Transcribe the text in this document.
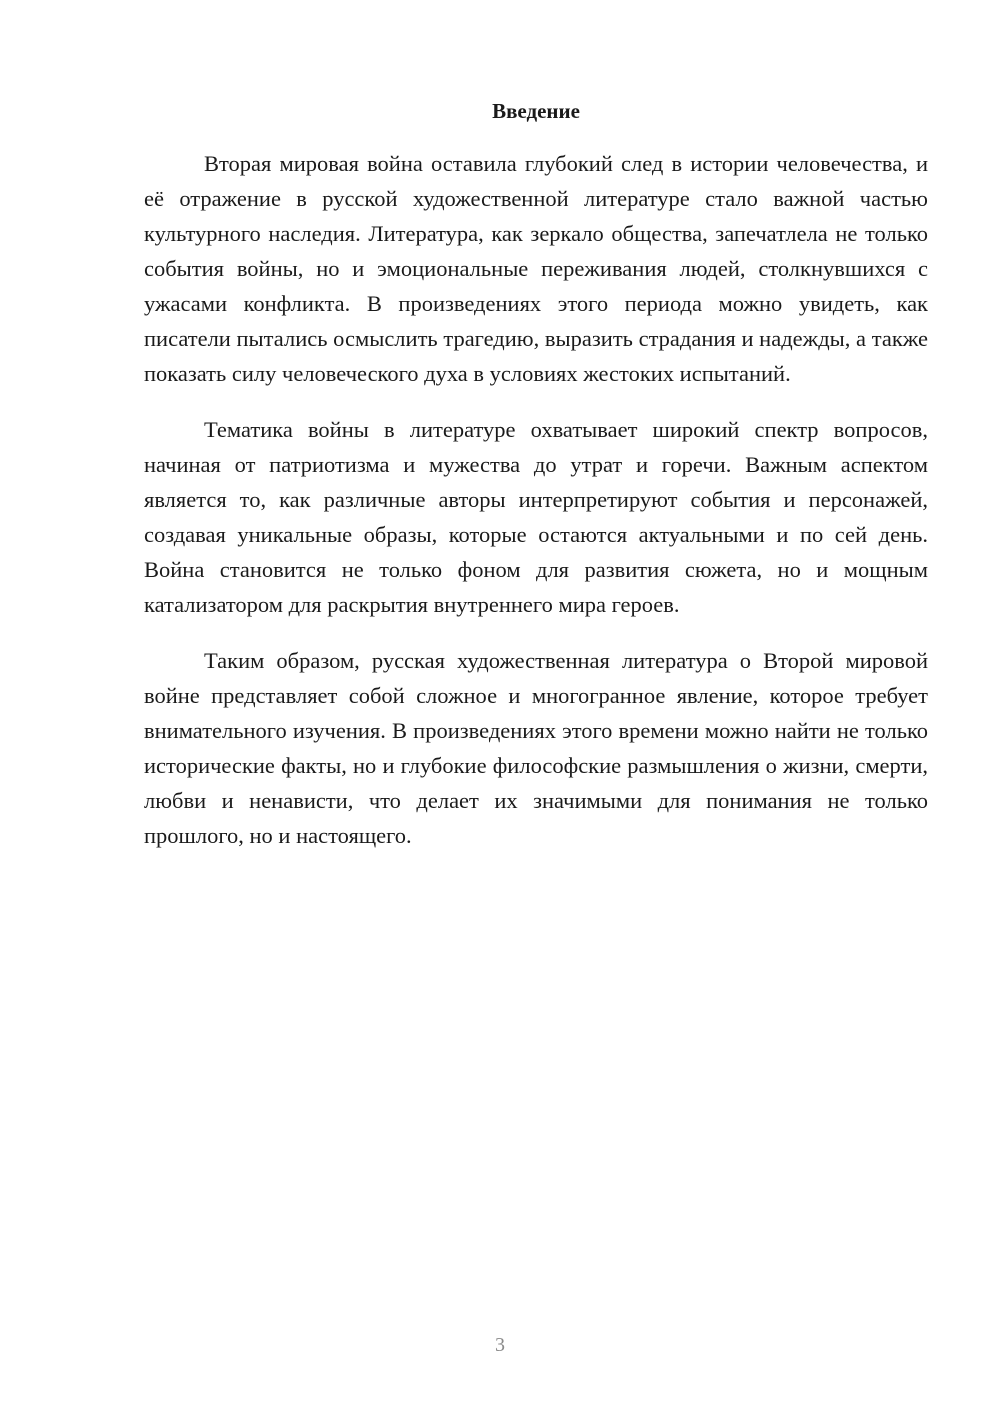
Введение

Вторая мировая война оставила глубокий след в истории человечества, и её отражение в русской художественной литературе стало важной частью культурного наследия. Литература, как зеркало общества, запечатлела не только события войны, но и эмоциональные переживания людей, столкнувшихся с ужасами конфликта. В произведениях этого периода можно увидеть, как писатели пытались осмыслить трагедию, выразить страдания и надежды, а также показать силу человеческого духа в условиях жестоких испытаний.

Тематика войны в литературе охватывает широкий спектр вопросов, начиная от патриотизма и мужества до утрат и горечи. Важным аспектом является то, как различные авторы интерпретируют события и персонажей, создавая уникальные образы, которые остаются актуальными и по сей день. Война становится не только фоном для развития сюжета, но и мощным катализатором для раскрытия внутреннего мира героев.

Таким образом, русская художественная литература о Второй мировой войне представляет собой сложное и многогранное явление, которое требует внимательного изучения. В произведениях этого времени можно найти не только исторические факты, но и глубокие философские размышления о жизни, смерти, любви и ненависти, что делает их значимыми для понимания не только прошлого, но и настоящего.

3
